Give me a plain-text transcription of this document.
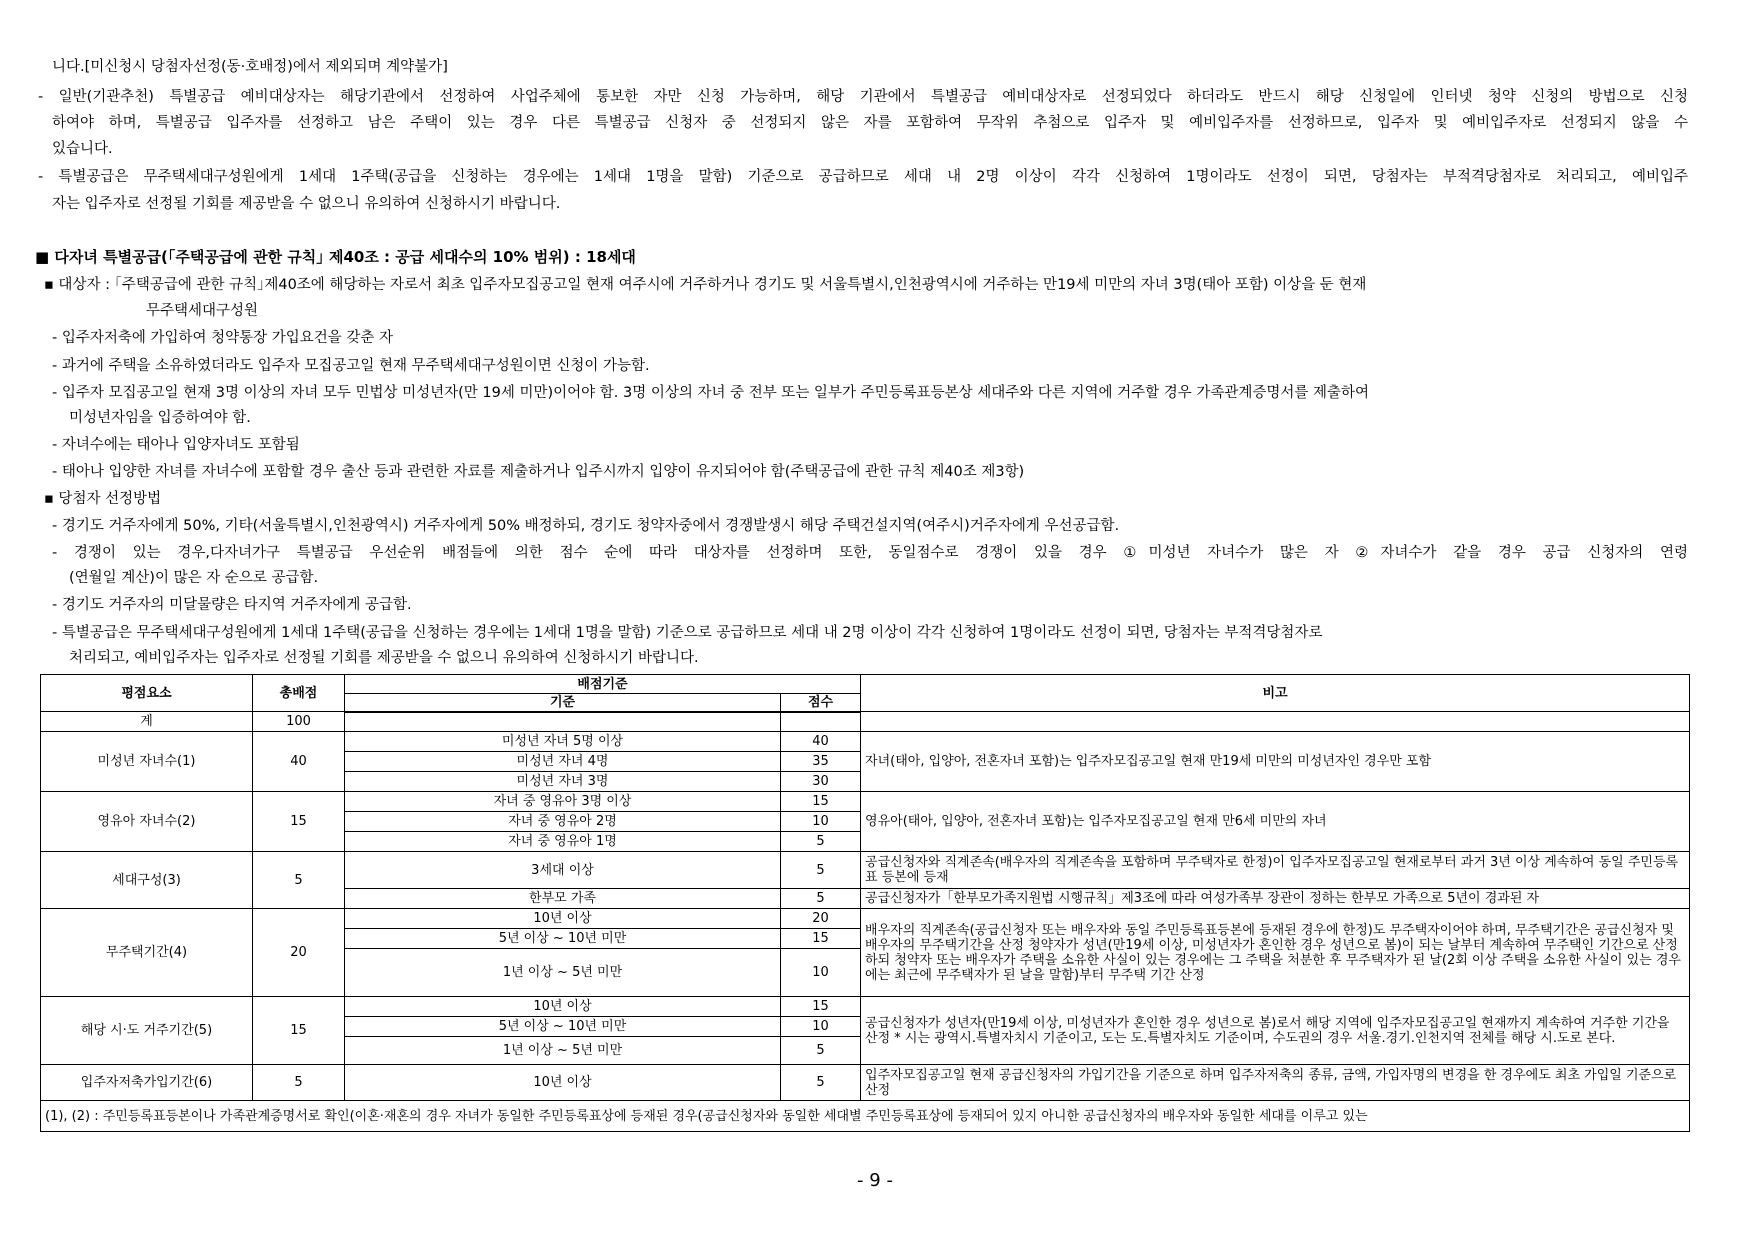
니다.[미신청시 당첨자선정(동·호배정)에서 제외되며 계약불가]
- 일반(기관추천) 특별공급 예비대상자는 해당기관에서 선정하여 사업주체에 통보한 자만 신청 가능하며, 해당 기관에서 특별공급 예비대상자로 선정되었다 하더라도 반드시 해당 신청일에 인터넷 청약 신청의 방법으로 신청
하여야 하며, 특별공급 입주자를 선정하고 남은 주택이 있는 경우 다른 특별공급 신청자 중 선정되지 않은 자를 포함하여 무작위 추첨으로 입주자 및 예비입주자를 선정하므로, 입주자 및 예비입주자로 선정되지 않을 수
있습니다.
- 특별공급은 무주택세대구성원에게 1세대 1주택(공급을 신청하는 경우에는 1세대 1명을 말함) 기준으로 공급하므로 세대 내 2명 이상이 각각 신청하여 1명이라도 선정이 되면, 당첨자는 부적격당첨자로 처리되고, 예비입주
자는 입주자로 선정될 기회를 제공받을 수 없으니 유의하여 신청하시기 바랍니다.
■ 다자녀 특별공급(｢주택공급에 관한 규칙｣ 제40조 : 공급 세대수의 10% 범위) : 18세대
▪ 대상자 : ｢주택공급에 관한 규칙｣제40조에 해당하는 자로서 최초 입주자모집공고일 현재 여주시에 거주하거나 경기도 및 서울특별시,인천광역시에 거주하는 만19세 미만의 자녀 3명(태아 포함) 이상을 둔 현재
무주택세대구성원
- 입주자저축에 가입하여 청약통장 가입요건을 갖춘 자
- 과거에 주택을 소유하였더라도 입주자 모집공고일 현재 무주택세대구성원이면 신청이 가능함.
- 입주자 모집공고일 현재 3명 이상의 자녀 모두 민법상 미성년자(만 19세 미만)이어야 함. 3명 이상의 자녀 중 전부 또는 일부가 주민등록표등본상 세대주와 다른 지역에 거주할 경우 가족관계증명서를 제출하여
미성년자임을 입증하여야 함.
- 자녀수에는 태아나 입양자녀도 포함됨
- 태아나 입양한 자녀를 자녀수에 포함할 경우 출산 등과 관련한 자료를 제출하거나 입주시까지 입양이 유지되어야 함(주택공급에 관한 규칙 제40조 제3항)
▪ 당첨자 선정방법
- 경기도 거주자에게 50%, 기타(서울특별시,인천광역시) 거주자에게 50% 배정하되, 경기도 청약자중에서 경쟁발생시 해당 주택건설지역(여주시)거주자에게 우선공급함.
- 경쟁이 있는 경우,다자녀가구 특별공급 우선순위 배점들에 의한 점수 순에 따라 대상자를 선정하며 또한, 동일점수로 경쟁이 있을 경우 ①미성년 자녀수가 많은 자 ②자녀수가 같을 경우 공급 신청자의 연령
(연월일 계산)이 많은 자 순으로 공급함.
- 경기도 거주자의 미달물량은 타지역 거주자에게 공급함.
- 특별공급은 무주택세대구성원에게 1세대 1주택(공급을 신청하는 경우에는 1세대 1명을 말함) 기준으로 공급하므로 세대 내 2명 이상이 각각 신청하여 1명이라도 선정이 되면, 당첨자는 부적격당첨자로
처리되고, 예비입주자는 입주자로 선정될 기회를 제공받을 수 없으니 유의하여 신청하시기 바랍니다.
평점요소	총배점	배점기준		비고
		기준	점수	
계	100			
미성년 자녀수(1)	40	미성년 자녀 5명 이상	40	자녀(태아, 입양아, 전혼자녀 포함)는 입주자모집공고일 현재 만19세 미만의 미성년자인 경우만 포함
		미성년 자녀 4명	35	
		미성년 자녀 3명	30	
영유아 자녀수(2)	15	자녀 중 영유아 3명 이상	15	영유아(태아, 입양아, 전혼자녀 포함)는 입주자모집공고일 현재 만6세 미만의 자녀
		자녀 중 영유아 2명	10	
		자녀 중 영유아 1명	5	
세대구성(3)	5	3세대 이상	5	공급신청자와 직계존속(배우자의 직계존속을 포함하며 무주택자로 한정)이 입주자모집공고일 현재로부터 과거 3년 이상 계속하여 동일 주민등록표 등본에 등재
		한부모 가족	5	공급신청자가「한부모가족지원법 시행규칙」제3조에 따라 여성가족부 장관이 정하는 한부모 가족으로 5년이 경과된 자
무주택기간(4)	20	10년 이상	20	배우자의 직계존속(공급신청자 또는 배우자와 동일 주민등록표등본에 등재된 경우에 한정)도 무주택자이어야 하며, 무주택기간은 공급신청자 및 배우자의 무주택기간을 산정 청약자가 성년(만19세 이상, 미성년자가 혼인한 경우 성년으로 봄)이 되는 날부터 계속하여 무주택인 기간으로 산정하되 청약자 또는 배우자가 주택을 소유한 사실이 있는 경우에는 그 주택을 처분한 후 무주택자가 된 날(2회 이상 주택을 소유한 사실이 있는 경우에는 최근에 무주택자가 된 날을 말함)부터 무주택 기간 산정
		5년 이상 ~ 10년 미만	15	
		1년 이상 ~ 5년 미만	10	
해당 시·도 거주기간(5)	15	10년 이상	15	공급신청자가 성년자(만19세 이상, 미성년자가 혼인한 경우 성년으로 봄)로서 해당 지역에 입주자모집공고일 현재까지 계속하여 거주한 기간을 산정 * 시는 광역시.특별자치시 기준이고, 도는 도.특별자치도 기준이며, 수도권의 경우 서울.경기.인천지역 전체를 해당 시.도로 본다.
		5년 이상 ~ 10년 미만	10	
		1년 이상 ~ 5년 미만	5	
입주자저축가입기간(6)	5	10년 이상	5	입주자모집공고일 현재 공급신청자의 가입기간을 기준으로 하며 입주자저축의 종류, 금액, 가입자명의 변경을 한 경우에도 최초 가입일 기준으로 산정
(1), (2) : 주민등록표등본이나 가족관계증명서로 확인(이혼·재혼의 경우 자녀가 동일한 주민등록표상에 등재된 경우(공급신청자와 동일한 세대별 주민등록표상에 등재되어 있지 아니한 공급신청자의 배우자와 동일한 세대를 이루고 있는				
- 9 -
